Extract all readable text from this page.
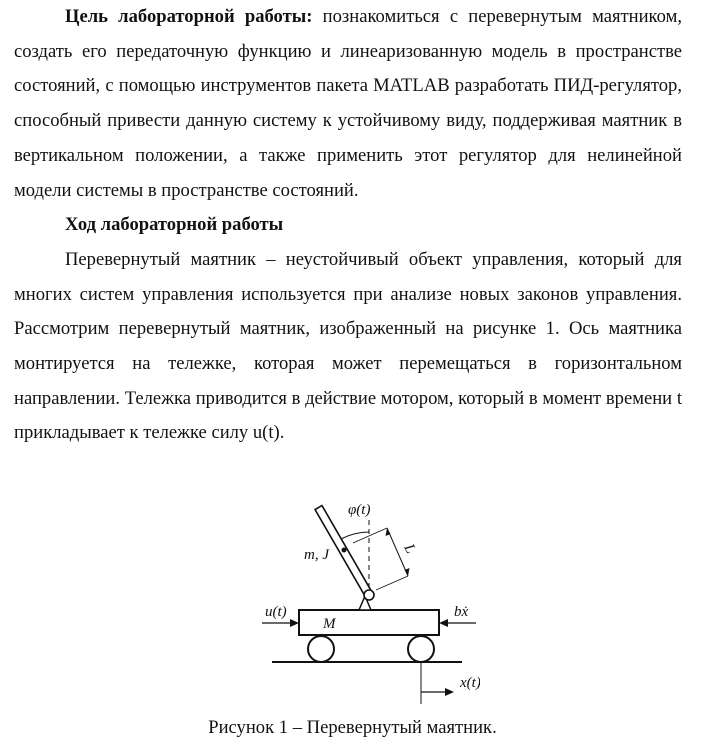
Цель лабораторной работы: познакомиться с перевернутым маятником, создать его передаточную функцию и линеаризованную модель в пространстве состояний, с помощью инструментов пакета MATLAB разработать ПИД-регулятор, способный привести данную систему к устойчивому виду, поддерживая маятник в вертикальном положении, а также применить этот регулятор для нелинейной модели системы в пространстве состояний.

Ход лабораторной работы

Перевернутый маятник – неустойчивый объект управления, который для многих систем управления используется при анализе новых законов управления. Рассмотрим перевернутый маятник, изображенный на рисунке 1. Ось маятника монтируется на тележке, которая может перемещаться в горизонтальном направлении. Тележка приводится в действие мотором, который в момент времени t прикладывает к тележке силу u(t).

φ(t)
m, J	L
u(t)	bẋ
M
x(t)
Рисунок 1 – Перевернутый маятник.
